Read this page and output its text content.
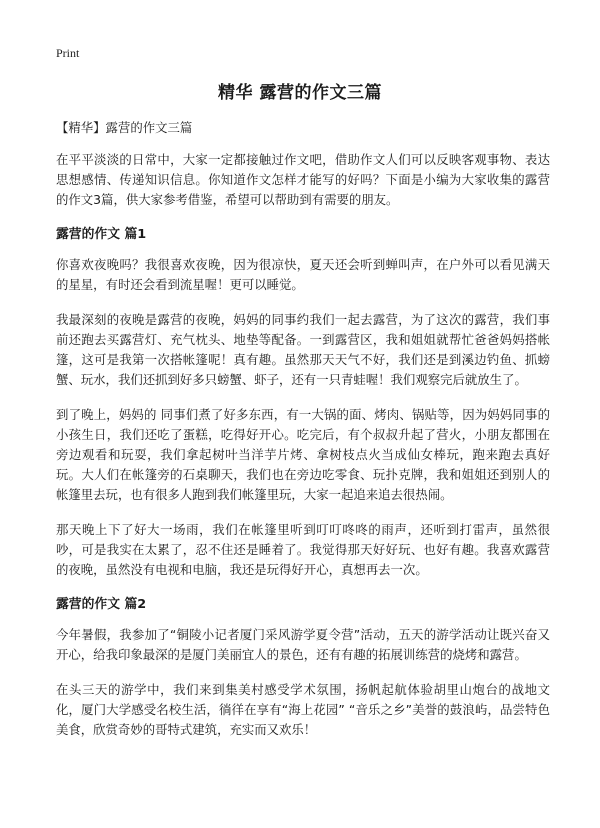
Print
精华 露营的作文三篇

【精华】露营的作文三篇

在平平淡淡的日常中，大家一定都接触过作文吧，借助作文人们可以反映客观事物、表达思想感情、传递知识信息。你知道作文怎样才能写的好吗？下面是小编为大家收集的露营的作文3篇，供大家参考借鉴，希望可以帮助到有需要的朋友。

露营的作文 篇1

你喜欢夜晚吗？我很喜欢夜晚，因为很凉快，夏天还会听到蝉叫声，在户外可以看见满天的星星，有时还会看到流星喔！更可以睡觉。

我最深刻的夜晚是露营的夜晚，妈妈的同事约我们一起去露营，为了这次的露营，我们事前还跑去买露营灯、充气枕头、地垫等配备。一到露营区，我和姐姐就帮忙爸爸妈妈搭帐篷，这可是我第一次搭帐篷呢！真有趣。虽然那天天气不好，我们还是到溪边钓鱼、抓螃蟹、玩水，我们还抓到好多只螃蟹、虾子，还有一只青蛙喔！我们观察完后就放生了。

到了晚上，妈妈的 同事们煮了好多东西，有一大锅的面、烤肉、锅贴等，因为妈妈同事的小孩生日，我们还吃了蛋糕，吃得好开心。吃完后，有个叔叔升起了营火，小朋友都围在旁边观看和玩耍，我们拿起树叶当洋芋片烤、拿树枝点火当成仙女棒玩，跑来跑去真好玩。大人们在帐篷旁的石桌聊天，我们也在旁边吃零食、玩扑克牌，我和姐姐还到别人的帐篷里去玩，也有很多人跑到我们帐篷里玩，大家一起追来追去很热闹。

那天晚上下了好大一场雨，我们在帐篷里听到叮叮咚咚的雨声，还听到打雷声，虽然很吵，可是我实在太累了，忍不住还是睡着了。我觉得那天好好玩、也好有趣。我喜欢露营的夜晚，虽然没有电视和电脑，我还是玩得好开心，真想再去一次。

露营的作文 篇2

今年暑假，我参加了“铜陵小记者厦门采风游学夏令营”活动，五天的游学活动让既兴奋又开心，给我印象最深的是厦门美丽宜人的景色，还有有趣的拓展训练营的烧烤和露营。

在头三天的游学中，我们来到集美村感受学术氛围，扬帆起航体验胡里山炮台的战地文化，厦门大学感受名校生活，徜徉在享有“海上花园” “音乐之乡”美誉的鼓浪屿，品尝特色美食，欣赏奇妙的哥特式建筑，充实而又欢乐！
